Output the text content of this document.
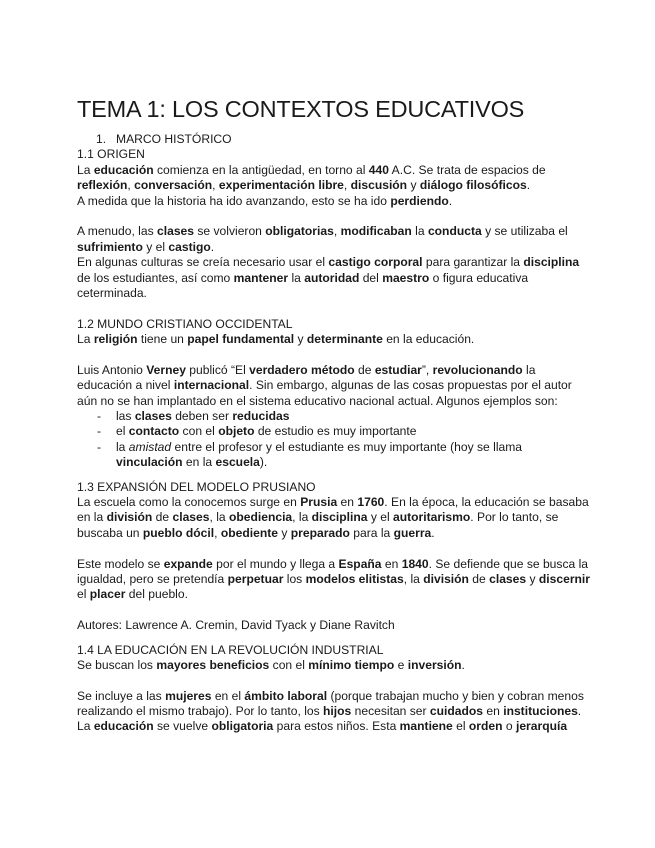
TEMA 1: LOS CONTEXTOS EDUCATIVOS
1. MARCO HISTÓRICO
1.1 ORIGEN
La educación comienza en la antigüedad, en torno al 440 A.C. Se trata de espacios de
reflexión, conversación, experimentación libre, discusión y diálogo filosóficos.
A medida que la historia ha ido avanzando, esto se ha ido perdiendo.
A menudo, las clases se volvieron obligatorias, modificaban la conducta y se utilizaba el
sufrimiento y el castigo.
En algunas culturas se creía necesario usar el castigo corporal para garantizar la disciplina
de los estudiantes, así como mantener la autoridad del maestro o figura educativa
ceterminada.
1.2 MUNDO CRISTIANO OCCIDENTAL
La religión tiene un papel fundamental y determinante en la educación.
Luis Antonio Verney publicó “El verdadero método de estudiar”, revolucionando la
educación a nivel internacional. Sin embargo, algunas de las cosas propuestas por el autor
aún no se han implantado en el sistema educativo nacional actual. Algunos ejemplos son:
- las clases deben ser reducidas
- el contacto con el objeto de estudio es muy importante
- la amistad entre el profesor y el estudiante es muy importante (hoy se llama
vinculación en la escuela).
1.3 EXPANSIÓN DEL MODELO PRUSIANO
La escuela como la conocemos surge en Prusia en 1760. En la época, la educación se basaba
en la división de clases, la obediencia, la disciplina y el autoritarismo. Por lo tanto, se
buscaba un pueblo dócil, obediente y preparado para la guerra.
Este modelo se expande por el mundo y llega a España en 1840. Se defiende que se busca la
igualdad, pero se pretendía perpetuar los modelos elitistas, la división de clases y discernir
el placer del pueblo.
Autores: Lawrence A. Cremin, David Tyack y Diane Ravitch
1.4 LA EDUCACIÓN EN LA REVOLUCIÓN INDUSTRIAL
Se buscan los mayores beneficios con el mínimo tiempo e inversión.
Se incluye a las mujeres en el ámbito laboral (porque trabajan mucho y bien y cobran menos
realizando el mismo trabajo). Por lo tanto, los hijos necesitan ser cuidados en instituciones.
La educación se vuelve obligatoria para estos niños. Esta mantiene el orden o jerarquía
